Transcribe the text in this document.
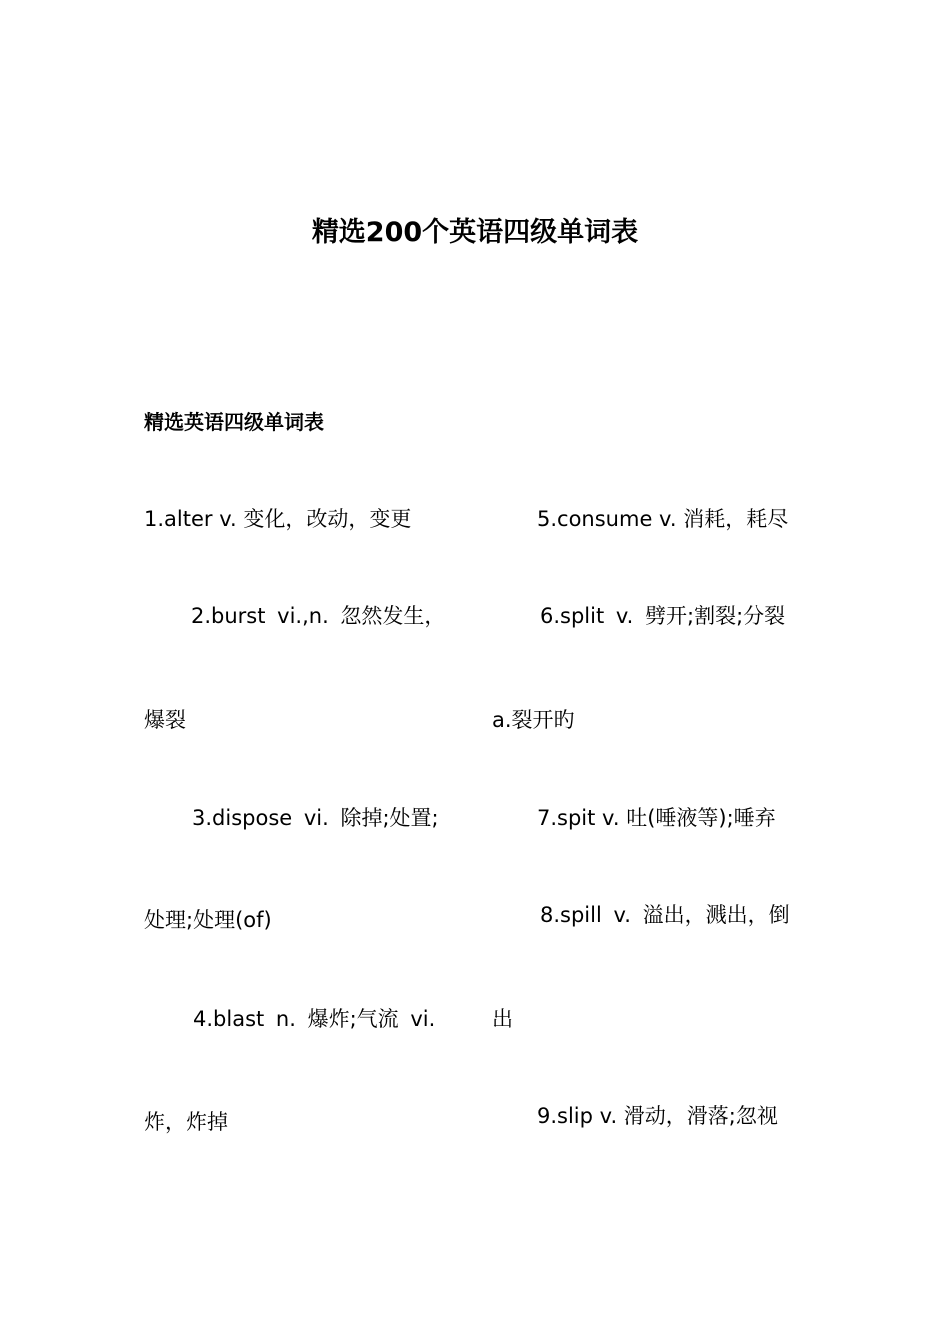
精选200个英语四级单词表
精选英语四级单词表
1.alter v. 变化，改动，变更
2.burst vi.,n. 忽然发生，
爆裂
3.dispose vi. 除掉;处置;
处理;处理(of)
4.blast n. 爆炸;气流 vi.
炸，炸掉
5.consume v. 消耗，耗尽
6.split v. 劈开;割裂;分裂
a.裂开旳
7.spit v. 吐(唾液等);唾弃
8.spill v. 溢出，溅出，倒
出
9.slip v. 滑动，滑落;忽视
